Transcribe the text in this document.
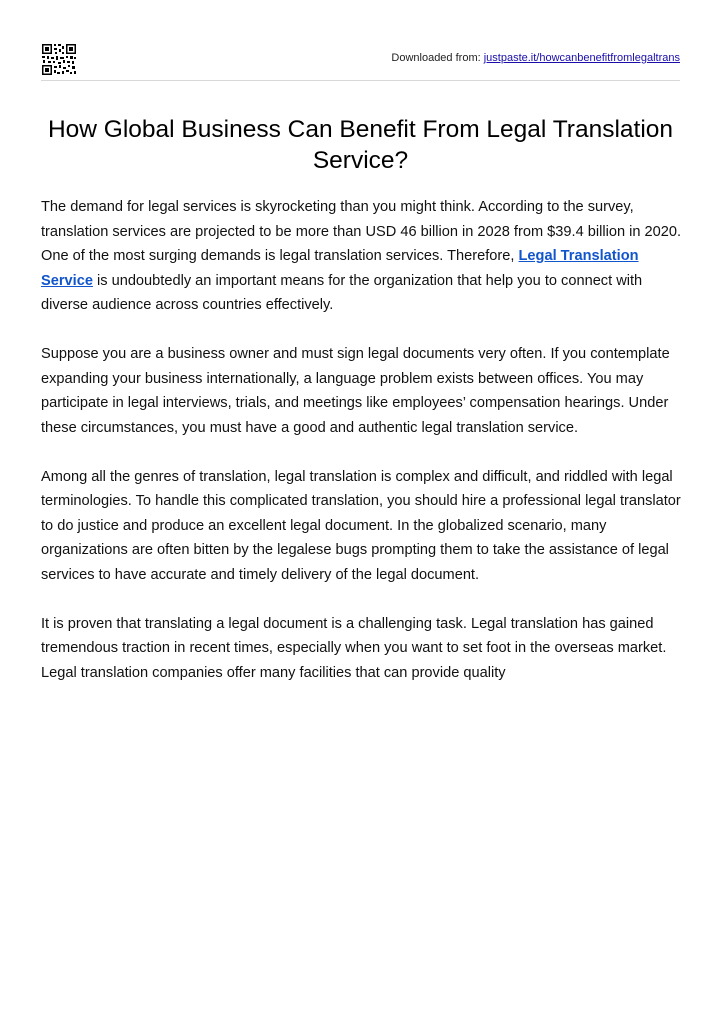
Downloaded from: justpaste.it/howcanbenefitfromlegaltrans
How Global Business Can Benefit From Legal Translation Service?

The demand for legal services is skyrocketing than you might think. According to the survey, translation services are projected to be more than USD 46 billion in 2028 from $39.4 billion in 2020. One of the most surging demands is legal translation services. Therefore, Legal Translation Service is undoubtedly an important means for the organization that help you to connect with diverse audience across countries effectively.

Suppose you are a business owner and must sign legal documents very often. If you contemplate expanding your business internationally, a language problem exists between offices. You may participate in legal interviews, trials, and meetings like employees’ compensation hearings. Under these circumstances, you must have a good and authentic legal translation service.

Among all the genres of translation, legal translation is complex and difficult, and riddled with legal terminologies. To handle this complicated translation, you should hire a professional legal translator to do justice and produce an excellent legal document. In the globalized scenario, many organizations are often bitten by the legalese bugs prompting them to take the assistance of legal services to have accurate and timely delivery of the legal document.

It is proven that translating a legal document is a challenging task. Legal translation has gained tremendous traction in recent times, especially when you want to set foot in the overseas market. Legal translation companies offer many facilities that can provide quality
